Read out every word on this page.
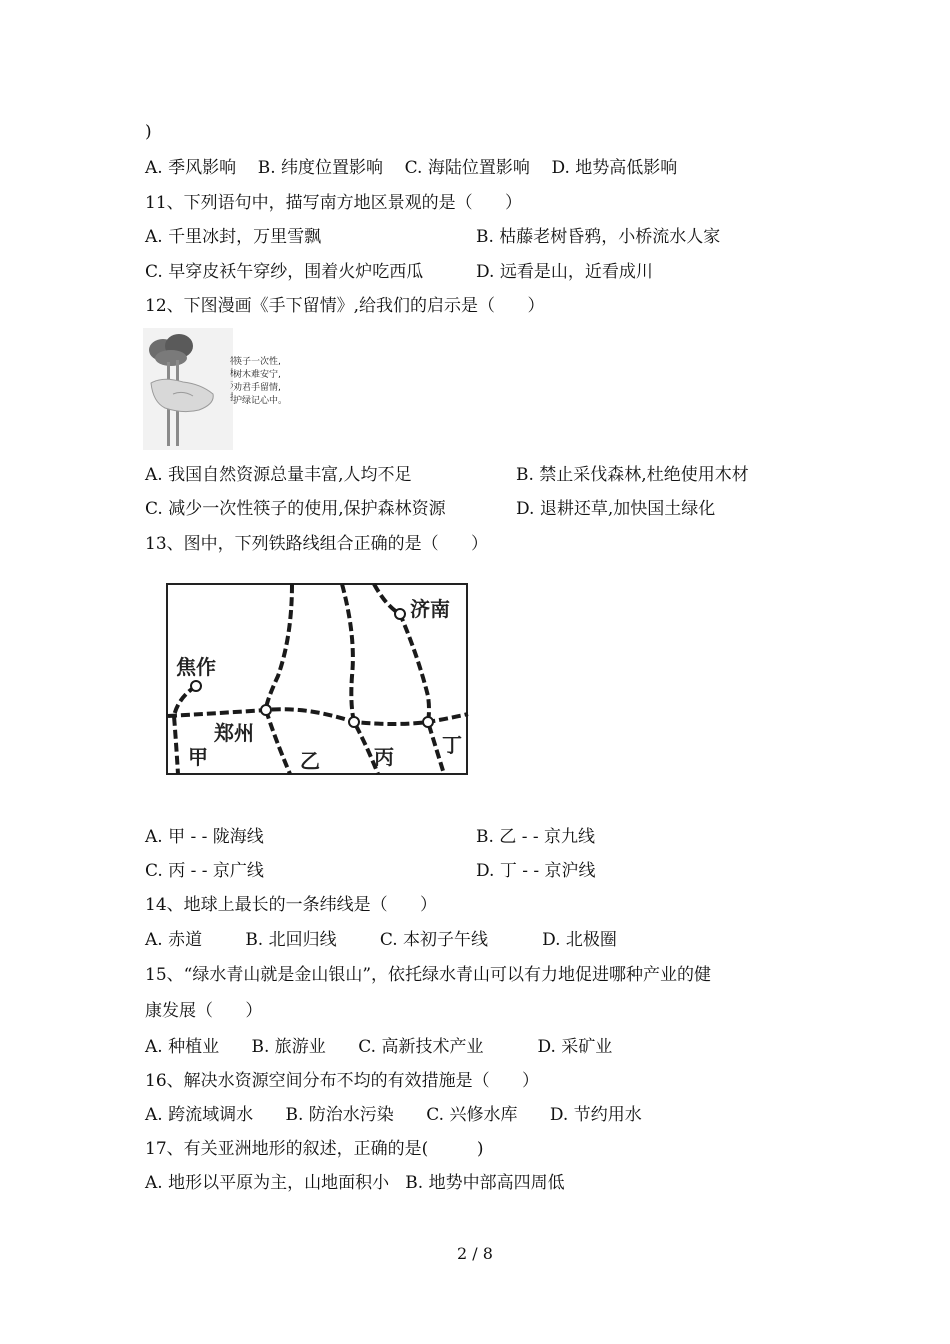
)
A. 季风影响    B. 纬度位置影响    C. 海陆位置影响    D. 地势高低影响
11、下列语句中，描写南方地区景观的是（      ）
A. 千里冰封，万里雪飘	B. 枯藤老树昏鸦，小桥流水人家
C. 早穿皮袄午穿纱，围着火炉吃西瓜	D. 远看是山，近看成川
12、下图漫画《手下留情》,给我们的启示是（      ）
筷子一次性,
树木难安宁,
劝君手留情,
护绿记心中。
A. 我国自然资源总量丰富,人均不足	B. 禁止采伐森林,杜绝使用木材
C. 减少一次性筷子的使用,保护森林资源	D. 退耕还草,加快国土绿化
13、图中，下列铁路线组合正确的是（      ）
济南
焦作
郑州
甲	乙	丙 丁
A. 甲 - - 陇海线	B. 乙 - - 京九线
C. 丙 - - 京广线	D. 丁 - - 京沪线
14、地球上最长的一条纬线是（      ）
A. 赤道        B. 北回归线        C. 本初子午线          D. 北极圈
15、“绿水青山就是金山银山”，依托绿水青山可以有力地促进哪种产业的健
康发展（      ）
A. 种植业      B. 旅游业      C. 高新技术产业          D. 采矿业
16、解决水资源空间分布不均的有效措施是（      ）
A. 跨流域调水      B. 防治水污染      C. 兴修水库      D. 节约用水
17、有关亚洲地形的叙述，正确的是(         )
A. 地形以平原为主，山地面积小   B. 地势中部高四周低
2 / 8
